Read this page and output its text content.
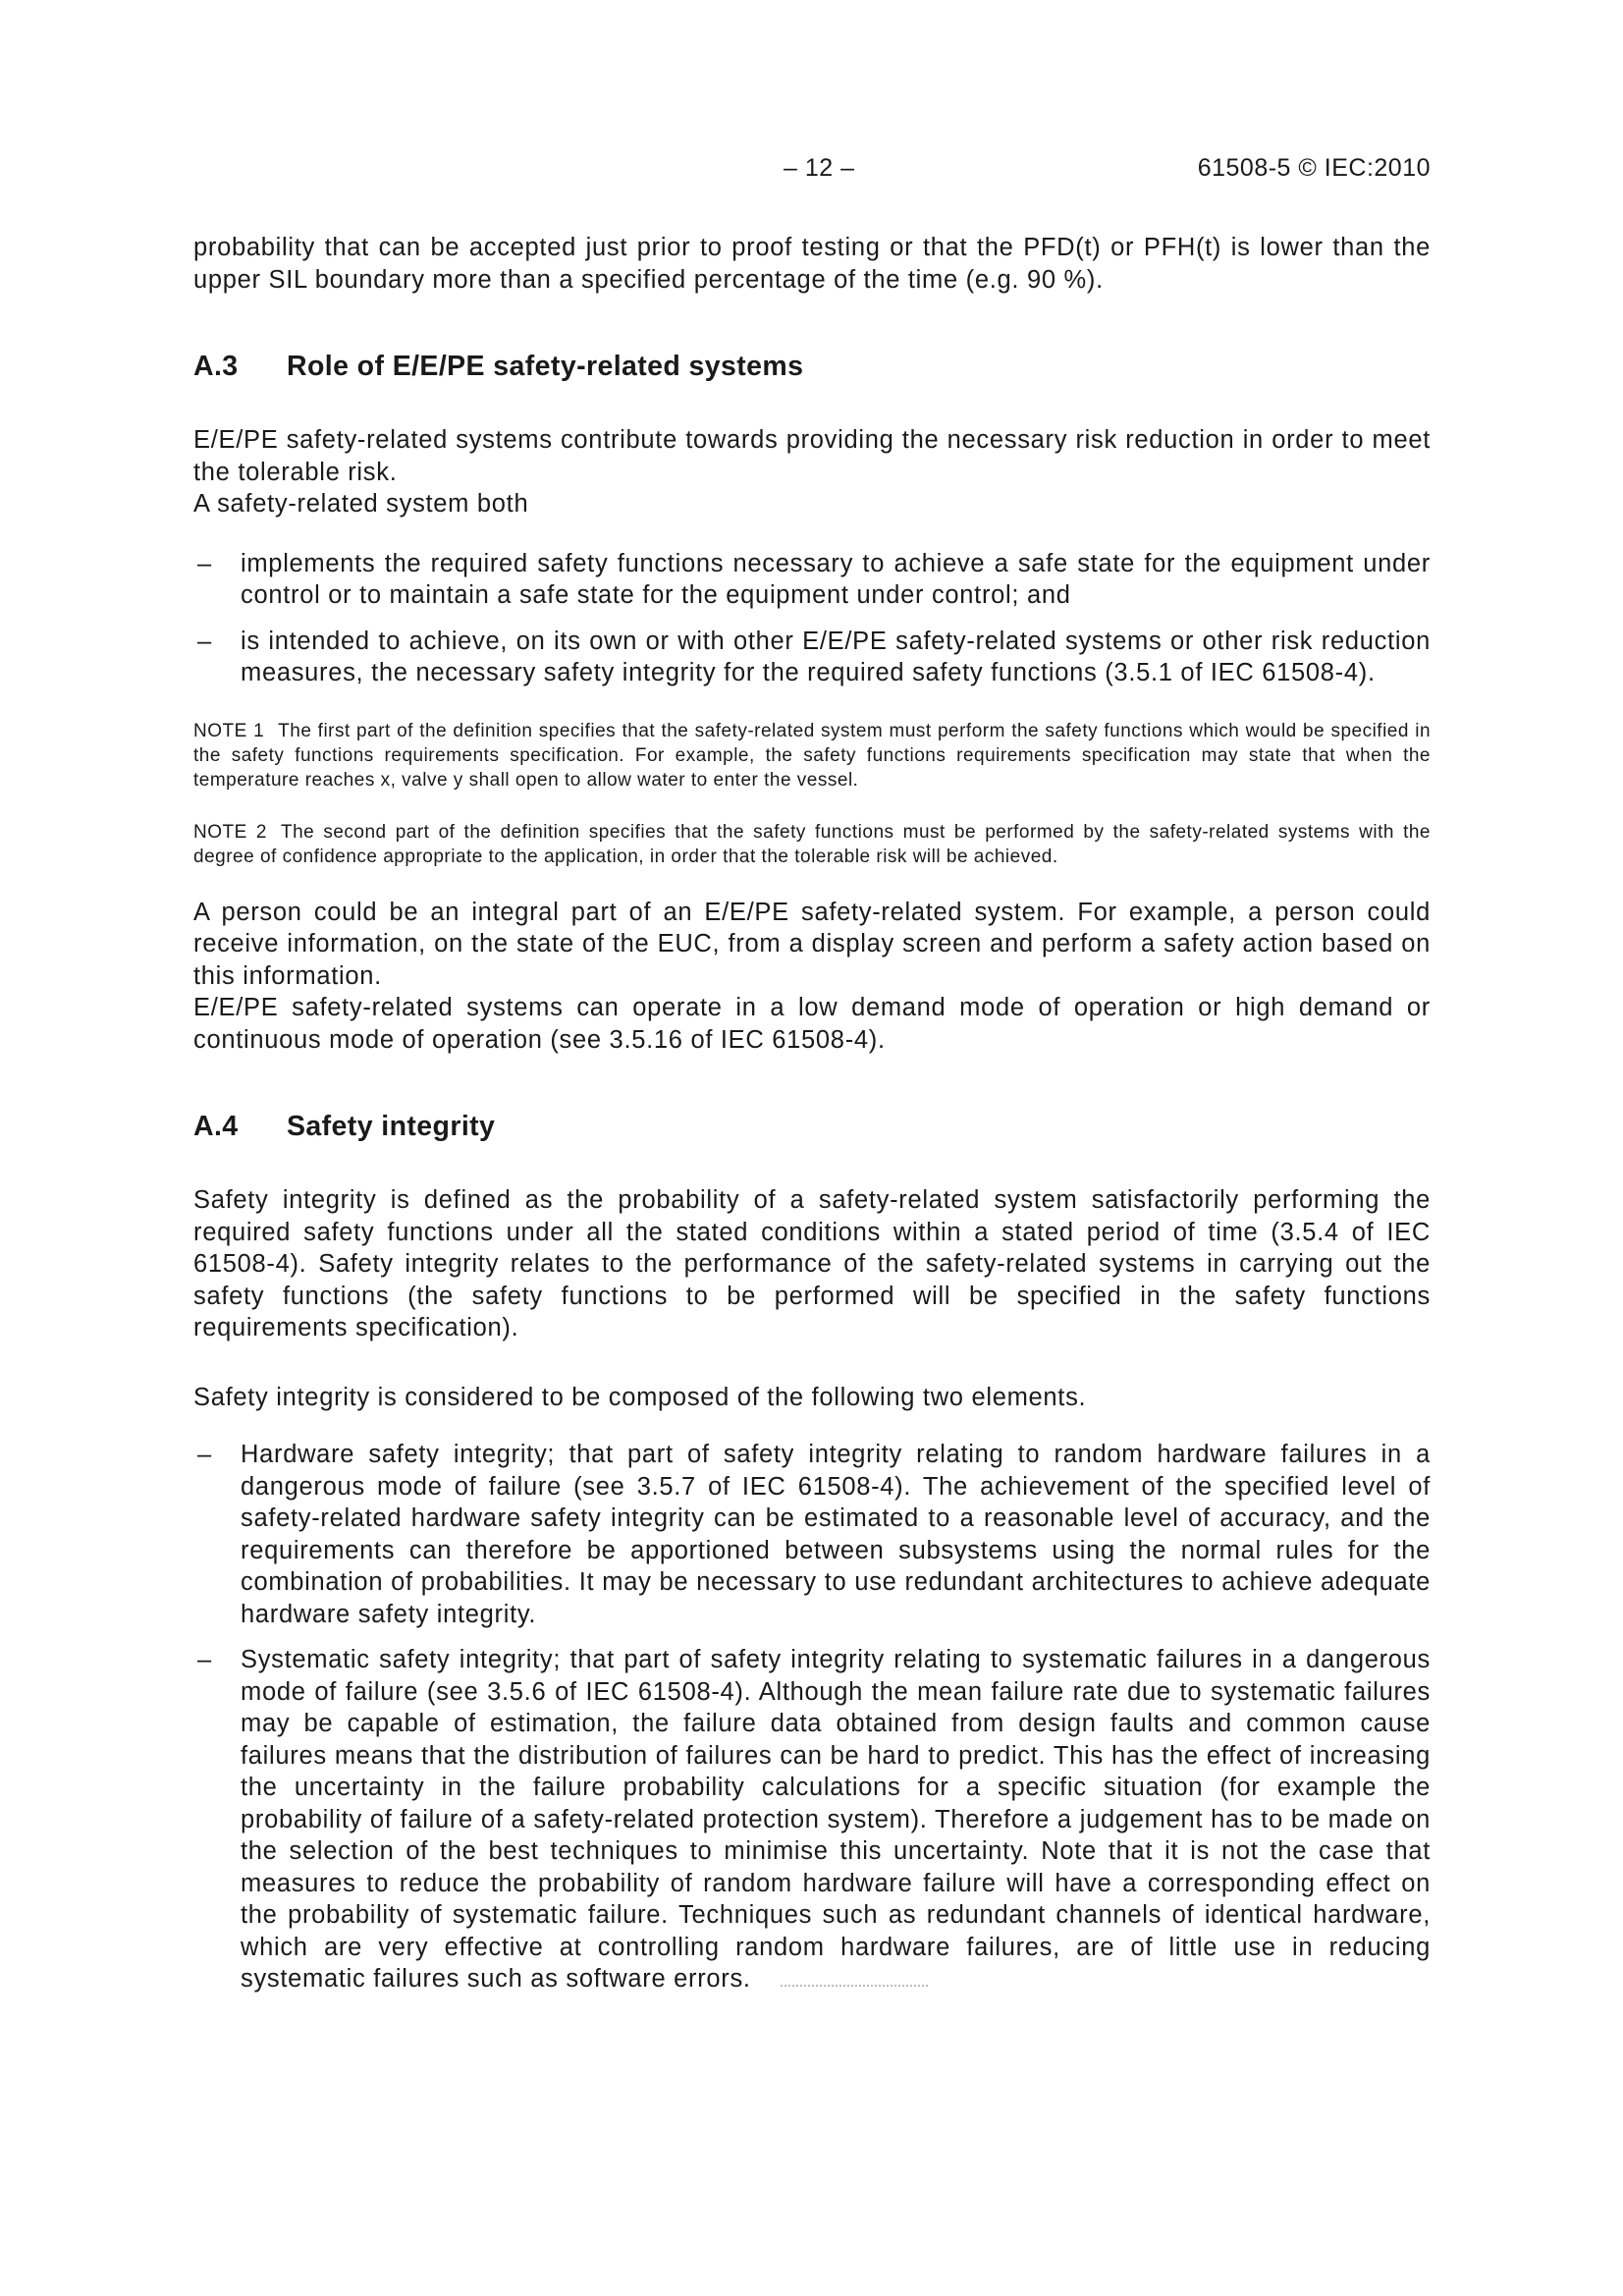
– 12 –	61508-5 © IEC:2010

probability that can be accepted just prior to proof testing or that the PFD(t) or PFH(t) is lower than the upper SIL boundary more than a specified percentage of the time (e.g. 90 %).

A.3	Role of E/E/PE safety-related systems

E/E/PE safety-related systems contribute towards providing the necessary risk reduction in order to meet the tolerable risk.

A safety-related system both

– implements the required safety functions necessary to achieve a safe state for the equipment under control or to maintain a safe state for the equipment under control; and
– is intended to achieve, on its own or with other E/E/PE safety-related systems or other risk reduction measures, the necessary safety integrity for the required safety functions (3.5.1 of IEC 61508-4).

NOTE 1 The first part of the definition specifies that the safety-related system must perform the safety functions which would be specified in the safety functions requirements specification. For example, the safety functions requirements specification may state that when the temperature reaches x, valve y shall open to allow water to enter the vessel.

NOTE 2 The second part of the definition specifies that the safety functions must be performed by the safety-related systems with the degree of confidence appropriate to the application, in order that the tolerable risk will be achieved.

A person could be an integral part of an E/E/PE safety-related system. For example, a person could receive information, on the state of the EUC, from a display screen and perform a safety action based on this information.

E/E/PE safety-related systems can operate in a low demand mode of operation or high demand or continuous mode of operation (see 3.5.16 of IEC 61508-4).

A.4	Safety integrity

Safety integrity is defined as the probability of a safety-related system satisfactorily performing the required safety functions under all the stated conditions within a stated period of time (3.5.4 of IEC 61508-4). Safety integrity relates to the performance of the safety-related systems in carrying out the safety functions (the safety functions to be performed will be specified in the safety functions requirements specification).

Safety integrity is considered to be composed of the following two elements.

– Hardware safety integrity; that part of safety integrity relating to random hardware failures in a dangerous mode of failure (see 3.5.7 of IEC 61508-4). The achievement of the specified level of safety-related hardware safety integrity can be estimated to a reasonable level of accuracy, and the requirements can therefore be apportioned between subsystems using the normal rules for the combination of probabilities. It may be necessary to use redundant architectures to achieve adequate hardware safety integrity.
– Systematic safety integrity; that part of safety integrity relating to systematic failures in a dangerous mode of failure (see 3.5.6 of IEC 61508-4). Although the mean failure rate due to systematic failures may be capable of estimation, the failure data obtained from design faults and common cause failures means that the distribution of failures can be hard to predict. This has the effect of increasing the uncertainty in the failure probability calculations for a specific situation (for example the probability of failure of a safety-related protection system). Therefore a judgement has to be made on the selection of the best techniques to minimise this uncertainty. Note that it is not the case that measures to reduce the probability of random hardware failure will have a corresponding effect on the probability of systematic failure. Techniques such as redundant channels of identical hardware, which are very effective at controlling random hardware failures, are of little use in reducing systematic failures such as software errors.
